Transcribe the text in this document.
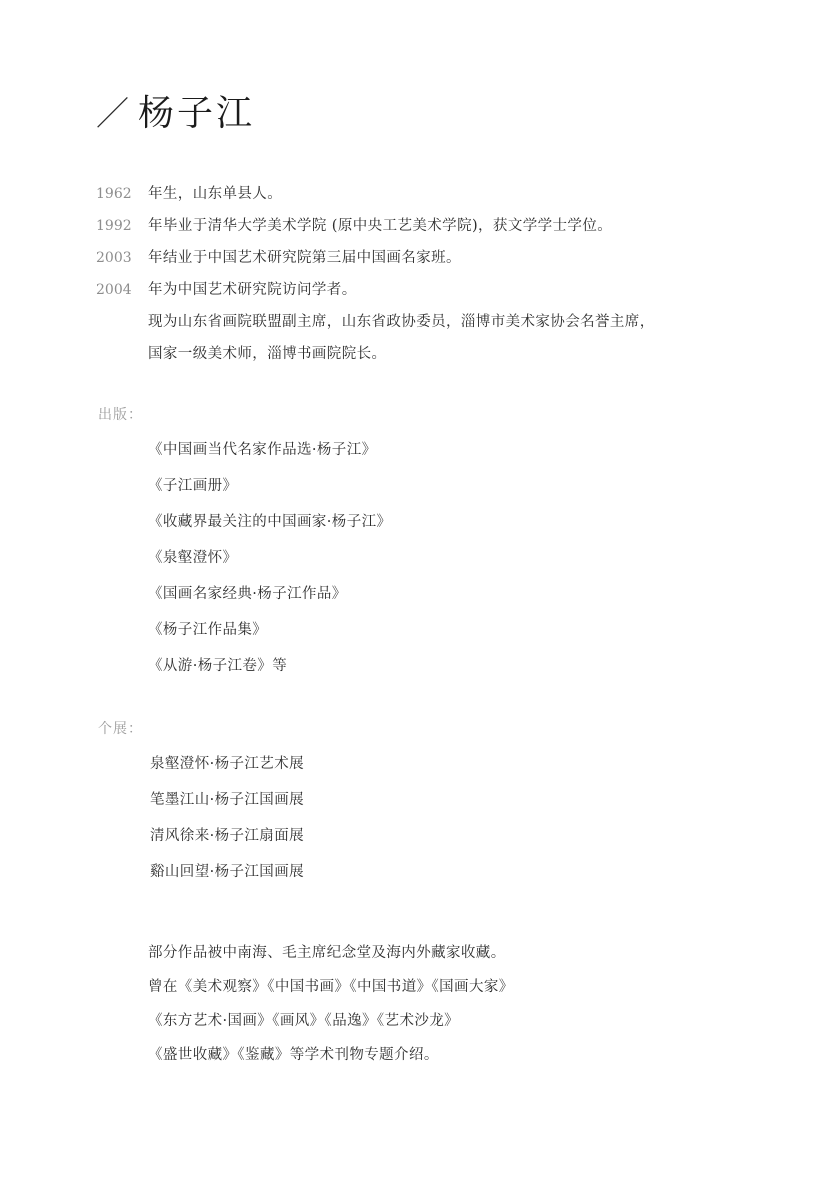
／ 杨子江
1962	年生，山东单县人。
1992	年毕业于清华大学美术学院 (原中央工艺美术学院)，获文学学士学位。
2003	年结业于中国艺术研究院第三届中国画名家班。
2004	年为中国艺术研究院访问学者。
现为山东省画院联盟副主席，山东省政协委员，淄博市美术家协会名誉主席，
国家一级美术师，淄博书画院院长。
出版：
《中国画当代名家作品选·杨子江》
《子江画册》
《收藏界最关注的中国画家·杨子江》
《泉壑澄怀》
《国画名家经典·杨子江作品》
《杨子江作品集》
《从游·杨子江卷》等
个展：
泉壑澄怀·杨子江艺术展
笔墨江山·杨子江国画展
清风徐来·杨子江扇面展
谿山回望·杨子江国画展

部分作品被中南海、毛主席纪念堂及海内外藏家收藏。

曾在《美术观察》《中国书画》《中国书道》《国画大家》

《东方艺术·国画》《画风》《品逸》《艺术沙龙》

《盛世收藏》《鉴藏》等学术刊物专题介绍。
